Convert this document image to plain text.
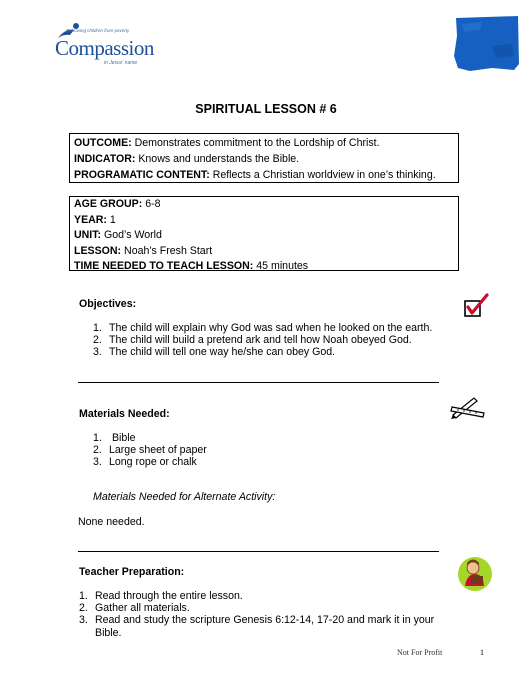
Releasing children from poverty
Compassion
in Jesus' name
SPIRITUAL LESSON # 6
OUTCOME: Demonstrates commitment to the Lordship of Christ.
INDICATOR: Knows and understands the Bible.
PROGRAMATIC CONTENT: Reflects a Christian worldview in one’s thinking.
AGE GROUP: 6-8
YEAR: 1
UNIT: God’s World
LESSON: Noah’s Fresh Start
TIME NEEDED TO TEACH LESSON: 45 minutes
Objectives:
1. The child will explain why God was sad when he looked on the earth.
2. The child will build a pretend ark and tell how Noah obeyed God.
3. The child will tell one way he/she can obey God.
Materials Needed:
1. Bible
2. Large sheet of paper
3. Long rope or chalk
Materials Needed for Alternate Activity:
None needed.
Teacher Preparation:
1. Read through the entire lesson.
2. Gather all materials.
3. Read and study the scripture Genesis 6:12-14, 17-20 and mark it in your
Bible.
Not For Profit	1
